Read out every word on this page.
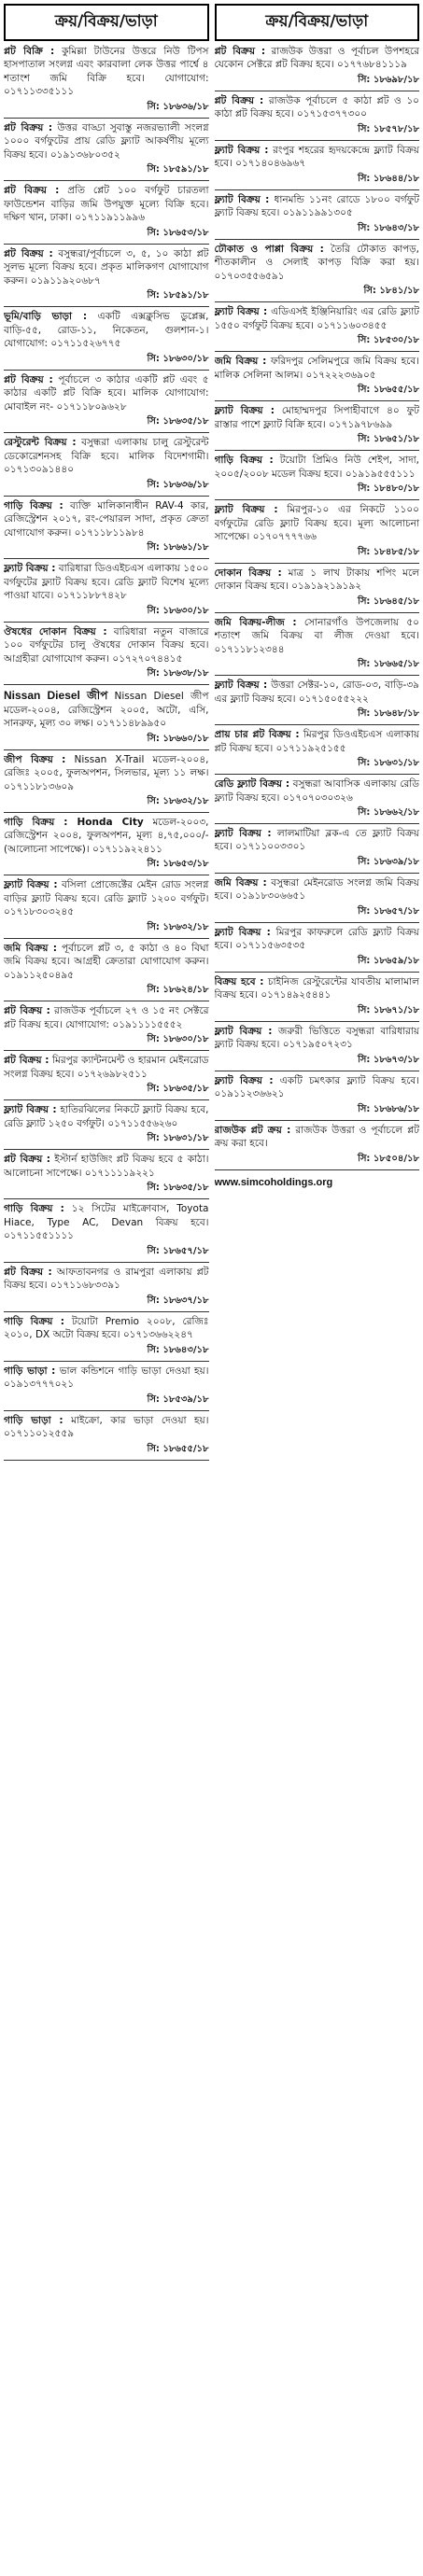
ক্রয়/বিক্রয়/ভাড়া
প্লট বিক্রি : কুমিল্লা টাউনের উত্তরে নিউ টিপস হাসপাতাল সংলগ্ন এবং কারবালা লেক উত্তর পার্শ্বে ৪ শতাংশ জমি বিক্রি হবে। যোগাযোগ: ০১৭১১৩৩৫১১১
সি: ১৮৬৩৬/১৮
প্লট বিক্রয় : উত্তর বাড্ডা সুবাস্তু নজরভ্যালী সংলগ্ন ১০০০ বর্গফুটের প্রায় রেডি ফ্ল্যাট আকর্ষণীয় মূল্যে বিক্রয় হবে। ০১৯১৩৬৮০৩৫২
সি: ১৮৫৯১/১৮
প্লট বিক্রয় : প্রতি প্লেট ১০০ বর্গফুট চারতলা ফাউন্ডেশন বাড়ির জমি উপযুক্ত মূল্যে বিক্রি হবে। দক্ষিণ খান, ঢাকা। ০১৭১১৯১১৯৯৬
সি: ১৮৬৫৩/১৮
প্লট বিক্রয় : বসুন্ধরা/পূর্বাচলে ৩, ৫, ১০ কাঠা প্লট সুলভ মূল্যে বিক্রয় হবে। প্রকৃত মালিকগণ যোগাযোগ করুন। ০১৯১১৯২০৬৮৭
সি: ১৮৫৯১/১৮
ভূমি/বাড়ি ভাড়া : একটি এক্সক্লুসিভ ডুপ্লেক্স, বাড়ি-৫৫, রোড-১১, নিকেতন, গুলশান-১। যোগাযোগ: ০১৭১১৫২৬৭৭৫
সি: ১৮৬৩০/১৮
প্লট বিক্রয় : পূর্বাচলে ৩ কাঠার একটি প্লট এবং ৫ কাঠার একটি প্লট বিক্রি হবে। মালিক যোগাযোগ: মোবাইল নং- ০১৭১১৮০৯৬২৮
সি: ১৮৬৩৫/১৮
রেস্টুরেন্ট বিক্রয় : বসুন্ধরা এলাকায় চালু রেস্টুরেন্ট ডেকোরেশনসহ বিক্রি হবে। মালিক বিদেশগামী। ০১৭১৩০৯১৪৪০
সি: ১৮৬৩৬/১৮
গাড়ি বিক্রয় : ব্যক্তি মালিকানাধীন RAV-4 কার, রেজিস্ট্রেশন ২০১৭, রং-পেয়ারল সাদা, প্রকৃত ক্রেতা যোগাযোগ করুন। ০১৭১১৮১১৯৮৪
সি: ১৮৬৬১/১৮
ফ্ল্যাট বিক্রয় : বারিধারা ডিওএইচএস এলাকায় ১৫০০ বর্গফুটের ফ্ল্যাট বিক্রয় হবে। রেডি ফ্ল্যাট বিশেষ মূল্যে পাওয়া যাবে। ০১৭১১৮৮৭৪২৮
সি: ১৮৬৩০/১৮
ঔষধের দোকান বিক্রয় : বারিধারা নতুন বাজারে ১০০ বর্গফুটের চালু ঔষধের দোকান বিক্রয় হবে। আগ্রহীরা যোগাযোগ করুন। ০১৭২৭০৭৪৪১৫
সি: ১৮৬৩৮/১৮
Nissan Diesel জীপ Nissan Diesel জীপ মডেল-২০০৪, রেজিস্ট্রেশন ২০০৫, অটো, এসি, সানরুফ, মূল্য ৩০ লক্ষ। ০১৭১১৪৮৯৯৫০
সি: ১৮৬৬০/১৮
জীপ বিক্রয় : Nissan X-Trail মডেল-২০০৪, রেজিঃ ২০০৫, ফুলঅপশন, সিলভার, মূল্য ১১ লক্ষ। ০১৭১১৮১৩৬০৯
সি: ১৮৬৩২/১৮
গাড়ি বিক্রয় : Honda City মডেল-২০০৩, রেজিস্ট্রেশন ২০০৪, ফুলঅপশন, মূল্য ৪,৭৫,০০০/- (আলোচনা সাপেক্ষে)। ০১৭১১৯২২৪১১
সি: ১৮৬৫৩/১৮
ফ্ল্যাট বিক্রয় : বসিলা প্রোজেক্টের মেইন রোড সংলগ্ন বাড়ির ফ্ল্যাট বিক্রয় হবে। রেডি ফ্ল্যাট ১২০০ বর্গফুট। ০১৭১৮৩০৩২৪৫
সি: ১৮৬৩২/১৮
জমি বিক্রয় : পূর্বাচলে প্লট ৩, ৫ কাঠা ও ৪০ বিঘা জমি বিক্রয় হবে। আগ্রহী ক্রেতারা যোগাযোগ করুন। ০১৯১১২৫০৪৯৫
সি: ১৮৬২৪/১৮
প্লট বিক্রয় : রাজউক পূর্বাচলে ২৭ ও ১৫ নং সেক্টরে প্লট বিক্রয় হবে। যোগাযোগ: ০১৯১১১১৫৫৫২
সি: ১৮৬৩০/১৮
প্লট বিক্রয় : মিরপুর ক্যান্টনমেন্ট ও হারমান মেইনরোড সংলগ্ন বিক্রয় হবে। ০১৭২৬৯৮২৫১১
সি: ১৮৬৩৫/১৮
ফ্ল্যাট বিক্রয় : হাতিরঝিলের নিকটে ফ্ল্যাট বিক্রয় হবে, রেডি ফ্ল্যাট ১২৫০ বর্গফুট। ০১৭১১৫৫৬২৬০
সি: ১৮৬৩১/১৮
প্লট বিক্রয় : ইস্টার্ন হাউজিং প্লট বিক্রয় হবে ৫ কাঠা। আলোচনা সাপেক্ষে। ০১৭১১১১৯২২১
সি: ১৮৬৩৫/১৮
গাড়ি বিক্রয় : ১২ সিটের মাইক্রোবাস, Toyota Hiace, Type AC, Devan বিক্রয় হবে। ০১৭১১৫৫১১১১
সি: ১৮৬৫৭/১৮
প্লট বিক্রয় : আফতাবনগর ও রামপুরা এলাকায় প্লট বিক্রয় হবে। ০১৭১১৬৮৩৩৯১
সি: ১৮৬৩৭/১৮
গাড়ি বিক্রয় : টয়োটা Premio ২০০৮, রেজিঃ ২০১০, DX অটো বিক্রয় হবে। ০১৭১৩৬৬২২৪৭
সি: ১৮৬৪৩/১৮
গাড়ি ভাড়া : ভাল কন্ডিশনে গাড়ি ভাড়া দেওয়া হয়। ০১৯১৩৭৭৭০২১
সি: ১৮৫৩৯/১৮
গাড়ি ভাড়া : মাইক্রো, কার ভাড়া দেওয়া হয়। ০১৭১১০১২৫৫৯
সি: ১৮৬৫৫/১৮
ক্রয়/বিক্রয়/ভাড়া
প্লট বিক্রয় : রাজউক উত্তরা ও পূর্বাচল উপশহরে যেকোন সেক্টরে প্লট বিক্রয় হবে। ০১৭৭৬৮৪১১১৯
সি: ১৮৬৯৮/১৮
প্লট বিক্রয় : রাজউক পূর্বাচলে ৫ কাঠা প্লট ও ১০ কাঠা প্লট বিক্রয় হবে। ০১৭১৫৩৭৭৩০০
সি: ১৮৫৭৮/১৮
ফ্ল্যাট বিক্রয় : রংপুর শহরের হৃদয়কেন্দ্রে ফ্ল্যাট বিক্রয় হবে। ০১৭১৪০৪৬৯৬৭
সি: ১৮৬৪৪/১৮
ফ্ল্যাট বিক্রয় : ধানমন্ডি ১১নং রোডে ১৮০০ বর্গফুট ফ্ল্যাট বিক্রয় হবে। ০১৯১১৯৯১৩০৫
সি: ১৮৬৪৩/১৮
ঢৌকাত ও পাপ্পা বিক্রয় : তৈরি ঢৌকাত কাপড়, শীতকালীন ও সেলাই কাপড় বিক্রি করা হয়। ০১৭০৩৫৫৬৫৯১
সি: ১৮৪১/১৮
ফ্ল্যাট বিক্রয় : এডিএসই ইঞ্জিনিয়ারিং এর রেডি ফ্ল্যাট ১৫৫০ বর্গফুট বিক্রয় হবে। ০১৭১১৬০৩৪৫৫
সি: ১৮৫৩০/১৮
জমি বিক্রয় : ফরিদপুর সেলিমপুরে জমি বিক্রয় হবে। মালিক সেলিনা আলম। ০১৭২২২৩৬৯০৫
সি: ১৮৬৫৫/১৮
ফ্ল্যাট বিক্রয় : মোহাম্মদপুর সিপাহীবাগে ৪০ ফুট রাস্তার পাশে ফ্ল্যাট বিক্রি হবে। ০১৭১৯৭৮৬৯৯
সি: ১৮৬৫১/১৮
গাড়ি বিক্রয় : টয়োটা প্রিমিও নিউ শেইপ, সাদা, ২০০৫/২০০৮ মডেল বিক্রয় হবে। ০১৯১৯৫৫৫১১১
সি: ১৮৪৮০/১৮
ফ্ল্যাট বিক্রয় : মিরপুর-১০ এর নিকটে ১১০০ বর্গফুটের রেডি ফ্ল্যাট বিক্রয় হবে। মূল্য আলোচনা সাপেক্ষে। ০১৭০৭৭৭৭৬৬
সি: ১৮৪৮৫/১৮
দোকান বিক্রয় : মাত্র ১ লাখ টাকায় শপিং মলে দোকান বিক্রয় হবে। ০১৯১৯২১৯১৯২
সি: ১৮৬৪৫/১৮
জমি বিক্রয়-লীজ : সোনারগাঁও উপজেলায় ৫০ শতাংশ জমি বিক্রয় বা লীজ দেওয়া হবে। ০১৭১১৮১২৩৪৪
সি: ১৮৬৬৫/১৮
ফ্ল্যাট বিক্রয় : উত্তরা সেক্টর-১০, রোড-০৩, বাড়ি-৩৯ এর ফ্ল্যাট বিক্রয় হবে। ০১৭১৫০৫৫২২২
সি: ১৮৬৪৮/১৮
প্রায় চার প্লট বিক্রয় : মিরপুর ডিওএইচএস এলাকায় প্লট বিক্রয় হবে। ০১৭১১৯২৫১৫৫
সি: ১৮৬৩১/১৮
রেডি ফ্ল্যাট বিক্রয় : বসুন্ধরা আবাসিক এলাকায় রেডি ফ্ল্যাট বিক্রয় হবে। ০১৭০৭০৩০৩২৬
সি: ১৮৬৬২/১৮
ফ্ল্যাট বিক্রয় : লালমাটিয়া ব্লক-এ তে ফ্ল্যাট বিক্রয় হবে। ০১৭১১০০৩৩০১
সি: ১৮৬৩৯/১৮
জমি বিক্রয় : বসুন্ধরা মেইনরোড সংলগ্ন জমি বিক্রয় হবে। ০১৯১৮৩০৬৬৫১
সি: ১৮৬৫৭/১৮
ফ্ল্যাট বিক্রয় : মিরপুর কাফরুলে রেডি ফ্ল্যাট বিক্রয় হবে। ০১৭১১৫৬৩৫৩৫
সি: ১৮৬৫৯/১৮
বিক্রয় হবে : চাইনিজ রেস্টুরেন্টের যাবতীয় মালামাল বিক্রয় হবে। ০১৭১৪৯২৫৪৪১
সি: ১৮৬৭১/১৮
ফ্ল্যাট বিক্রয় : জরুরী ভিত্তিতে বসুন্ধরা বারিধারায় ফ্ল্যাট বিক্রয় হবে। ০১৭১৯৫০৭২৩১
সি: ১৮৬৭৩/১৮
ফ্ল্যাট বিক্রয় : একটি চমৎকার ফ্ল্যাট বিক্রয় হবে। ০১৯১১২৩৬৬২১
সি: ১৮৬৮৬/১৮
রাজউক প্লট ক্রয় : রাজউক উত্তরা ও পূর্বাচলে প্লট ক্রয় করা হবে।
সি: ১৮৫০৪/১৮
www.simcoholdings.org
